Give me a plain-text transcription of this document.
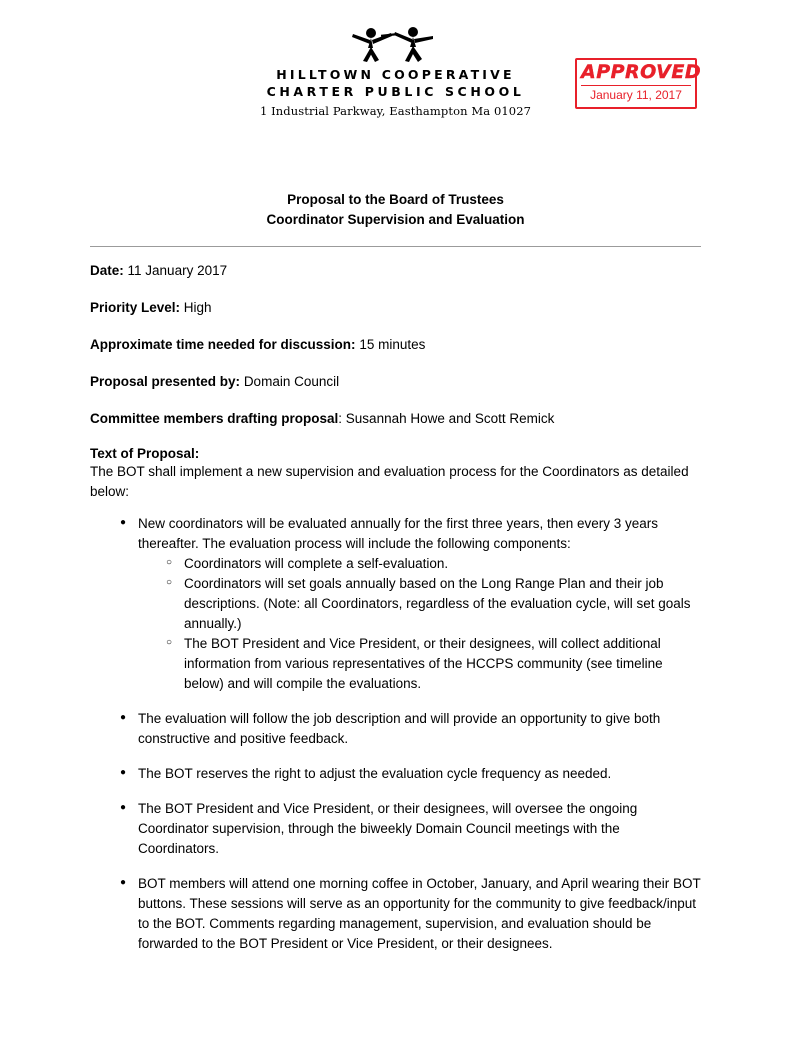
HILLTOWN COOPERATIVE
CHARTER PUBLIC SCHOOL
1 Industrial Parkway, Easthampton Ma 01027
APPROVED
January 11, 2017
Proposal to the Board of Trustees
Coordinator Supervision and Evaluation
Date: 11 January 2017
Priority Level: High
Approximate time needed for discussion: 15 minutes
Proposal presented by: Domain Council
Committee members drafting proposal: Susannah Howe and Scott Remick
Text of Proposal:
The BOT shall implement a new supervision and evaluation process for the Coordinators as detailed below:
● New coordinators will be evaluated annually for the first three years, then every 3 years thereafter. The evaluation process will include the following components:
○ Coordinators will complete a self-evaluation.
○ Coordinators will set goals annually based on the Long Range Plan and their job descriptions. (Note: all Coordinators, regardless of the evaluation cycle, will set goals annually.)
○ The BOT President and Vice President, or their designees, will collect additional information from various representatives of the HCCPS community (see timeline below) and will compile the evaluations.
● The evaluation will follow the job description and will provide an opportunity to give both constructive and positive feedback.
● The BOT reserves the right to adjust the evaluation cycle frequency as needed.
● The BOT President and Vice President, or their designees, will oversee the ongoing Coordinator supervision, through the biweekly Domain Council meetings with the Coordinators.
● BOT members will attend one morning coffee in October, January, and April wearing their BOT buttons. These sessions will serve as an opportunity for the community to give feedback/input to the BOT. Comments regarding management, supervision, and evaluation should be forwarded to the BOT President or Vice President, or their designees.
